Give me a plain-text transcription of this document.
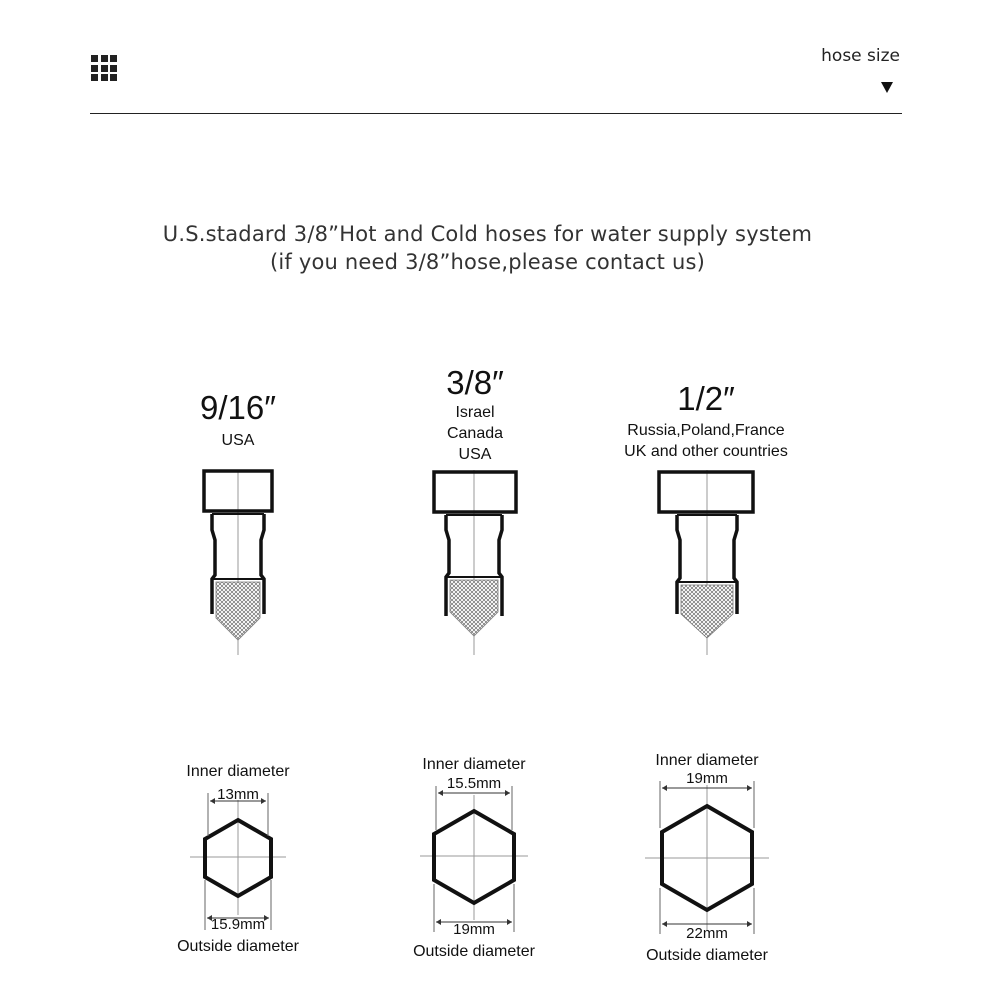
hose size
U.S.stadard 3/8”Hot and Cold hoses for water supply system
(if you need 3/8”hose,please contact us)
9/16″
USA
3/8″
Israel
Canada
USA
1/2″
Russia,Poland,France
UK and other countries
Inner diameter
13mm
15.9mm
Outside diameter
Inner diameter
15.5mm
19mm
Outside diameter
Inner diameter
19mm
22mm
Outside diameter
